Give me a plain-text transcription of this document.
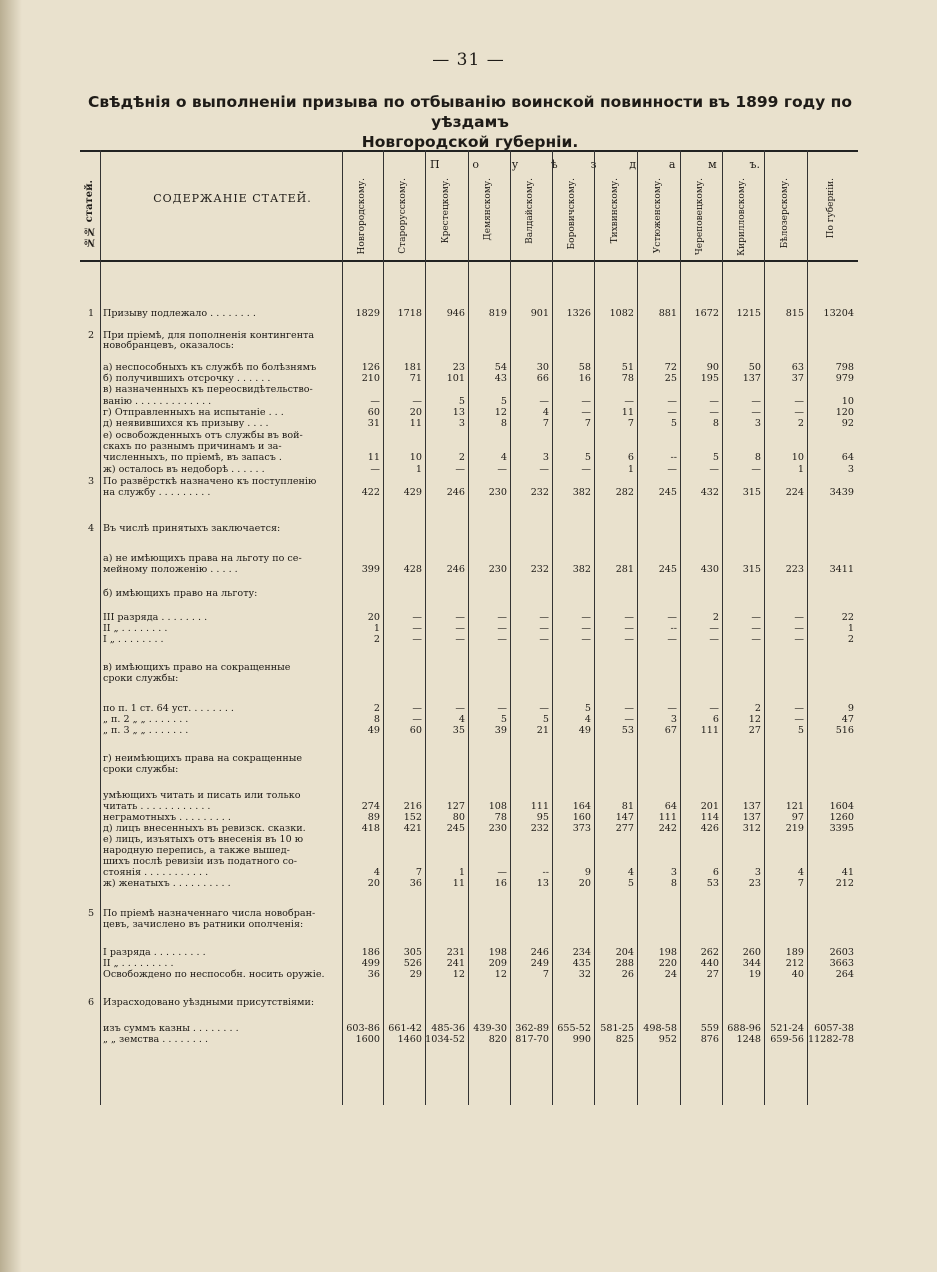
— 31 —
Свѣдѣнія о выполненіи призыва по отбыванію воинской повинности въ 1899 году по уѣздамъ
Новгородской губерніи.
№№ статей.	СОДЕРЖАНІЕ СТАТЕЙ.
П	о	у	ѣ	з	д	а	м	ъ.
Новгородскому.	Старорусскому.	Крестецкому.	Демянскому.	Валдайскому.	Боровичскому.	Тихвинскому.	Устюженскому.	Череповецкому.	Кирилловскому.	Бѣлозерскому.	По губерніи.
1 Призыву подлежало . . . . . . . .	1829	1718	946	819	901	1326	1082	881	1672	1215	815	13204
2 При пріемѣ, для пополненія контингента
новобранцевъ, оказалось:
а) неспособныхъ къ службѣ по болѣзнямъ	126	181	23	54	30	58	51	72	90	50	63	798
б) получившихъ отсрочку . . . . . .	210	71	101	43	66	16	78	25	195	137	37	979
в) назначенныхъ къ переосвидѣтельство-
ванію . . . . . . . . . . . . .	—	—	5	5	—	—	—	—	—	—	—	10
г) Отправленныхъ на испытаніе . . .	60	20	13	12	4	—	11	—	—	—	—	120
д) неявившихся къ призыву . . . .	31	11	3	8	7	7	7	5	8	3	2	92
е) освобожденныхъ отъ службы въ вой-
скахъ по разнымъ причинамъ и за-
численныхъ, по пріемѣ, въ запасъ .	11	10	2	4	3	5	6	--	5	8	10	64
ж) осталось въ недоборѣ . . . . . .	—	1	—	—	—	—	1	—	—	—	1	3
3 По развёрсткѣ назначено къ поступленію
на службу . . . . . . . . .	422	429	246	230	232	382	282	245	432	315	224	3439
4 Въ числѣ принятыхъ заключается:
а) не имѣющихъ права на льготу по се-
мейному положенію . . . . .	399	428	246	230	232	382	281	245	430	315	223	3411
б) имѣющихъ право на льготу:
III разряда . . . . . . . .	20	—	—	—	—	—	—	—	2	—	—	22
II „ . . . . . . . .	1	—	—	—	—	—	—	--	—	—	—	1
I „ . . . . . . . .	2	—	—	—	—	—	—	—	—	—	—	2
в) имѣющихъ право на сокращенные
сроки службы:
по п. 1 ст. 64 уст. . . . . . . .	2	—	—	—	—	5	—	—	—	2	—	9
„ п. 2 „ „ . . . . . . .	8	—	4	5	5	4	—	3	6	12	—	47
„ п. 3 „ „ . . . . . . .	49	60	35	39	21	49	53	67	111	27	5	516
г) неимѣющихъ права на сокращенные
сроки службы:
умѣющихъ читать и писать или только
читать . . . . . . . . . . . .	274	216	127	108	111	164	81	64	201	137	121	1604
неграмотныхъ . . . . . . . . .	89	152	80	78	95	160	147	111	114	137	97	1260
д) лицъ внесенныхъ въ ревизск. сказки.	418	421	245	230	232	373	277	242	426	312	219	3395
е) лицъ, изъятыхъ отъ внесенія въ 10 ю
народную перепись, а также вышед-
шихъ послѣ ревизіи изъ податного со-
стоянія . . . . . . . . . . .	4	7	1	—	--	9	4	3	6	3	4	41
ж) женатыхъ . . . . . . . . . .	20	36	11	16	13	20	5	8	53	23	7	212
5 По пріемѣ назначеннаго числа новобран-
цевъ, зачислено въ ратники ополченія:
I разряда . . . . . . . . .	186	305	231	198	246	234	204	198	262	260	189	2603
II „ . . . . . . . . .	499	526	241	209	249	435	288	220	440	344	212	3663
Освобождено по неспособн. носить оружіе.	36	29	12	12	7	32	26	24	27	19	40	264
6 Израсходовано уѣздными присутствіями:
изъ суммъ казны . . . . . . . .	603-86 661-42 485-36 439-30 362-89 655-52 581-25 498-58	559 688-96 521-24	6057-38
„ „ земства . . . . . . . .	1600	1460 1034-52	820 817-70	990	825	952	876	1248 659-56 11282-78
